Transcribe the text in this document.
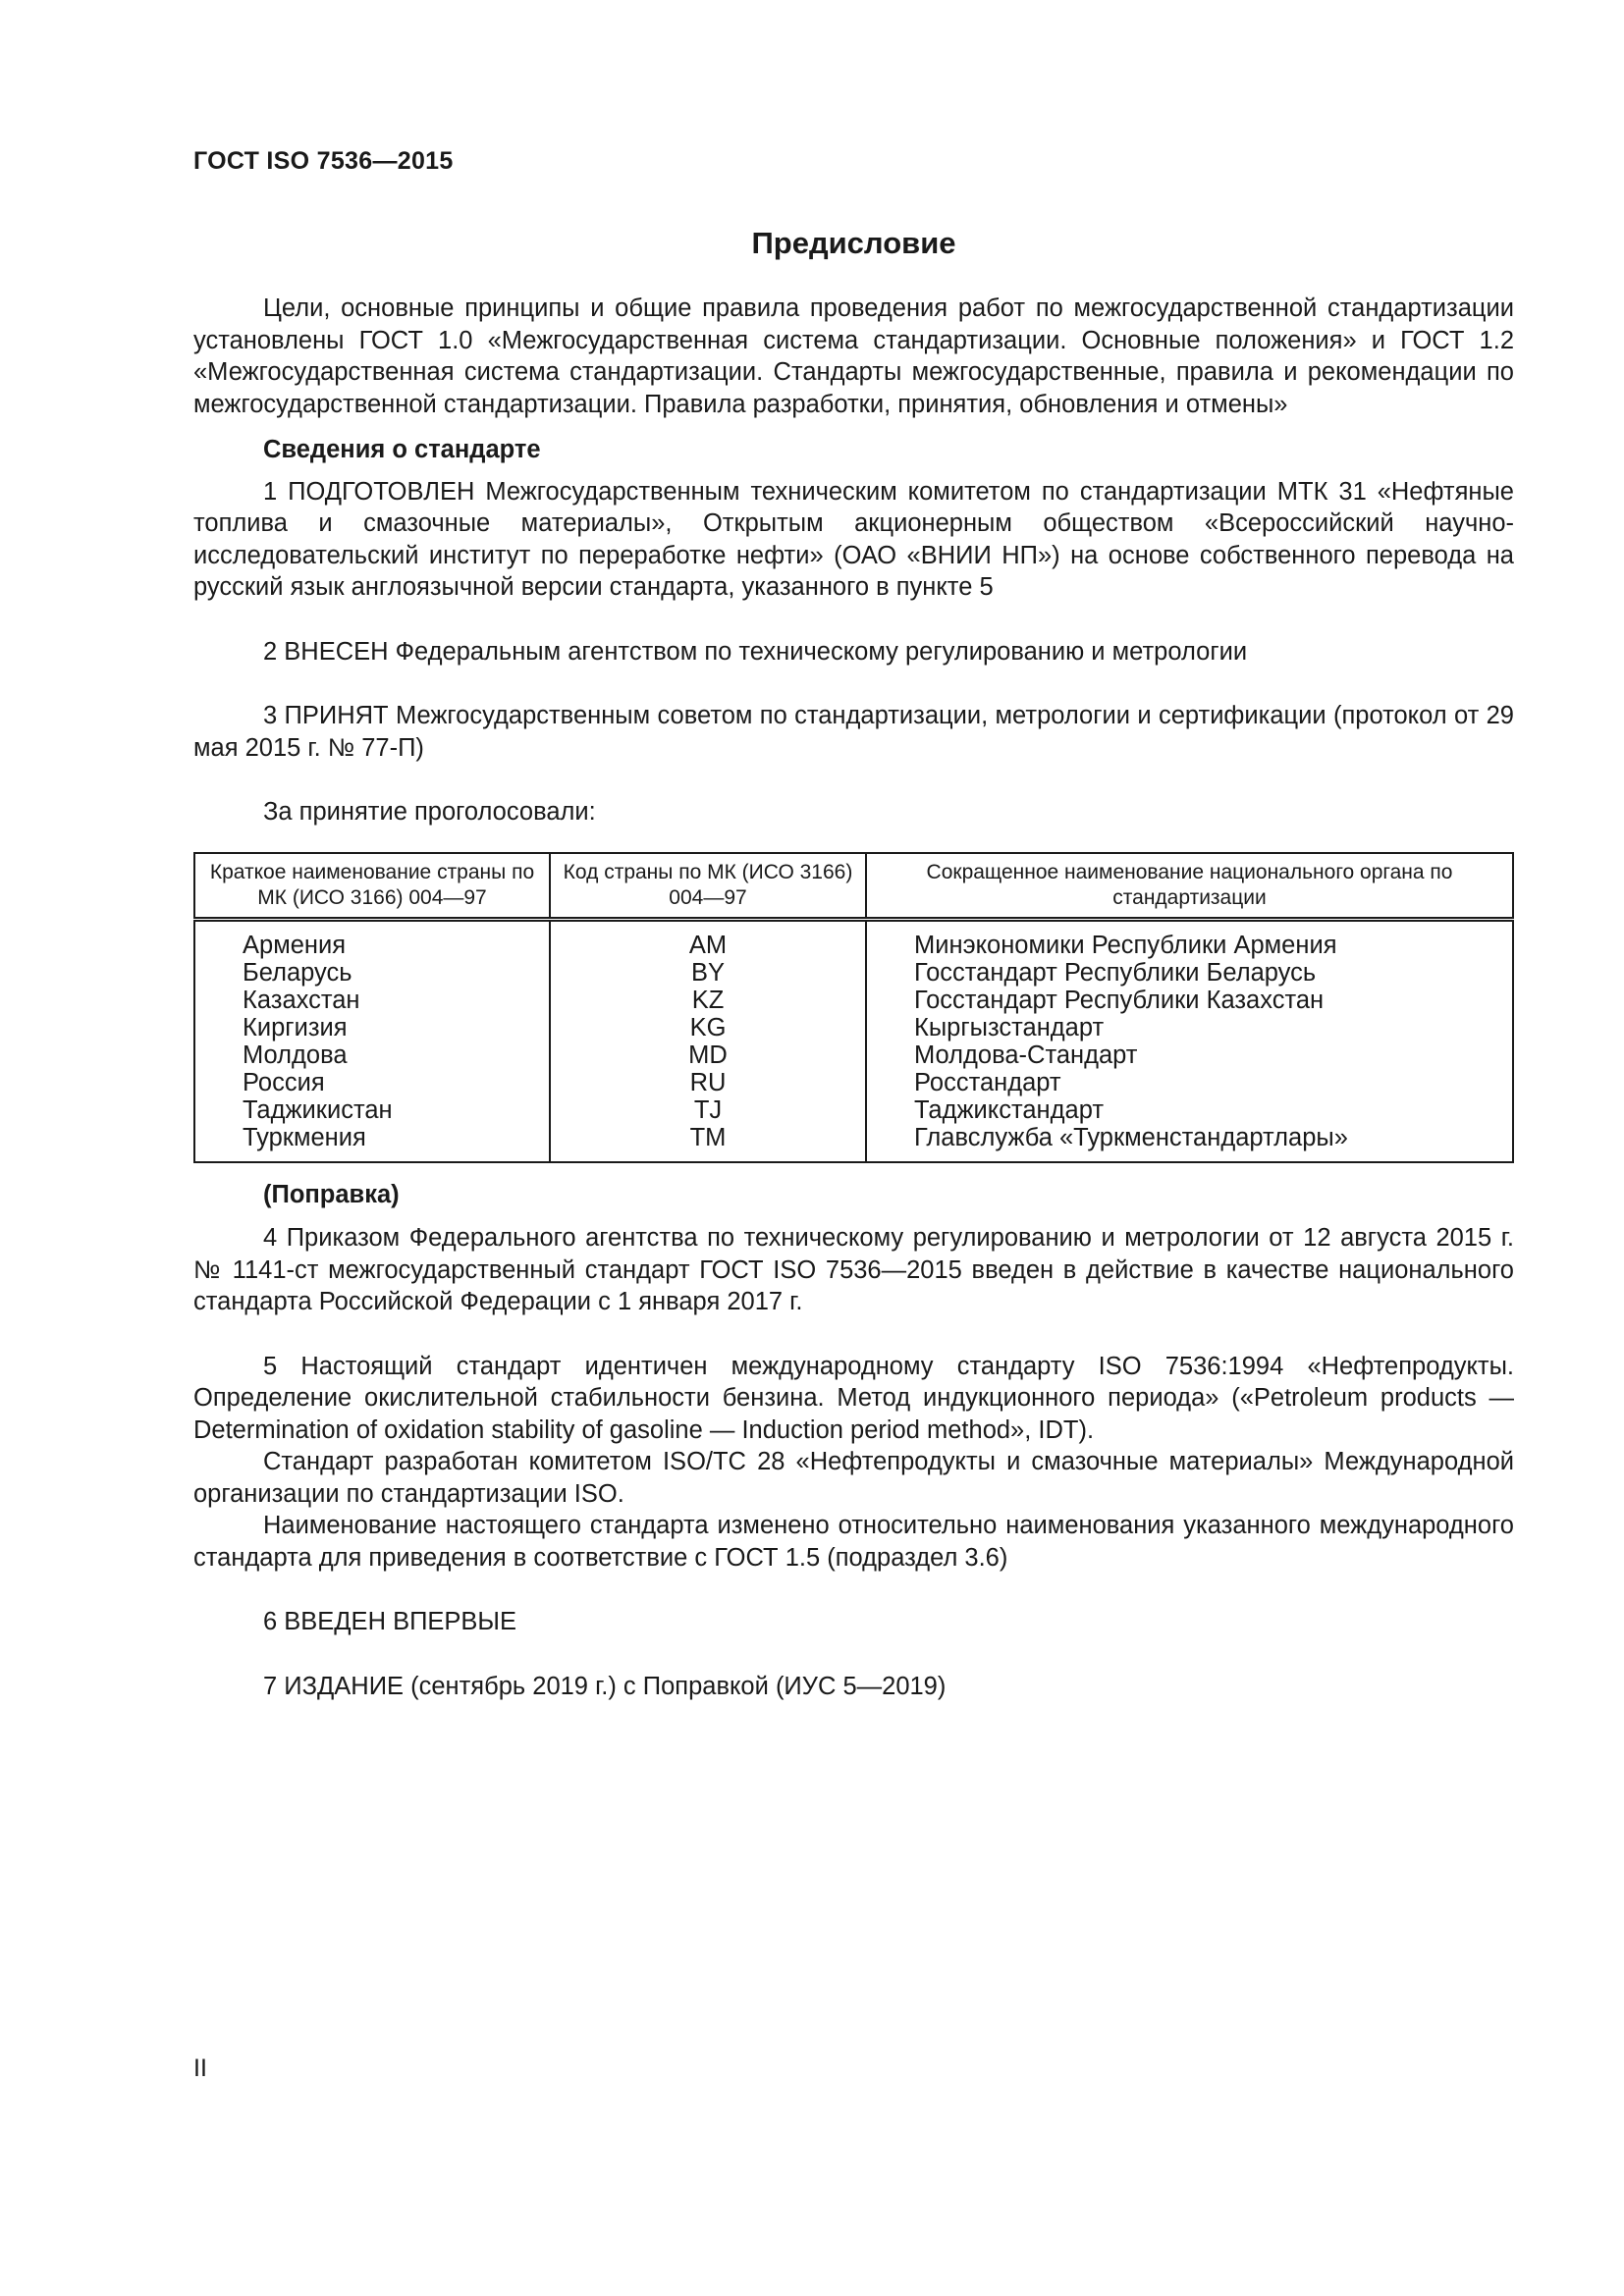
ГОСТ ISO 7536—2015
Предисловие

Цели, основные принципы и общие правила проведения работ по межгосударственной стандартизации установлены ГОСТ 1.0 «Межгосударственная система стандартизации. Основные положения» и ГОСТ 1.2 «Межгосударственная система стандартизации. Стандарты межгосударственные, правила и рекомендации по межгосударственной стандартизации. Правила разработки, принятия, обновления и отмены»

Сведения о стандарте

1 ПОДГОТОВЛЕН Межгосударственным техническим комитетом по стандартизации МТК 31 «Нефтяные топлива и смазочные материалы», Открытым акционерным обществом «Всероссийский научно-исследовательский институт по переработке нефти» (ОАО «ВНИИ НП») на основе собственного перевода на русский язык англоязычной версии стандарта, указанного в пункте 5

2 ВНЕСЕН Федеральным агентством по техническому регулированию и метрологии

3 ПРИНЯТ Межгосударственным советом по стандартизации, метрологии и сертификации (протокол от 29 мая 2015 г. № 77-П)

За принятие проголосовали:

Краткое наименование страны по МК (ИСО 3166) 004—97	Код страны по МК (ИСО 3166) 004—97	Сокращенное наименование национального органа по стандартизации
Армения	AM	Минэкономики Республики Армения
Беларусь	BY	Госстандарт Республики Беларусь
Казахстан	KZ	Госстандарт Республики Казахстан
Киргизия	KG	Кыргызстандарт
Молдова	MD	Молдова-Стандарт
Россия	RU	Росстандарт
Таджикистан	TJ	Таджикстандарт
Туркмения	TM	Главслужба «Туркменстандартлары»
(Поправка)

4 Приказом Федерального агентства по техническому регулированию и метрологии от 12 августа 2015 г. № 1141-ст межгосударственный стандарт ГОСТ ISO 7536—2015 введен в действие в качестве национального стандарта Российской Федерации с 1 января 2017 г.

5 Настоящий стандарт идентичен международному стандарту ISO 7536:1994 «Нефтепродукты. Определение окислительной стабильности бензина. Метод индукционного периода» («Petroleum products — Determination of oxidation stability of gasoline — Induction period method», IDT).

Стандарт разработан комитетом ISO/TC 28 «Нефтепродукты и смазочные материалы» Международной организации по стандартизации ISO.

Наименование настоящего стандарта изменено относительно наименования указанного международного стандарта для приведения в соответствие с ГОСТ 1.5 (подраздел 3.6)

6 ВВЕДЕН ВПЕРВЫЕ

7 ИЗДАНИЕ (сентябрь 2019 г.) с Поправкой (ИУС 5—2019)

II
